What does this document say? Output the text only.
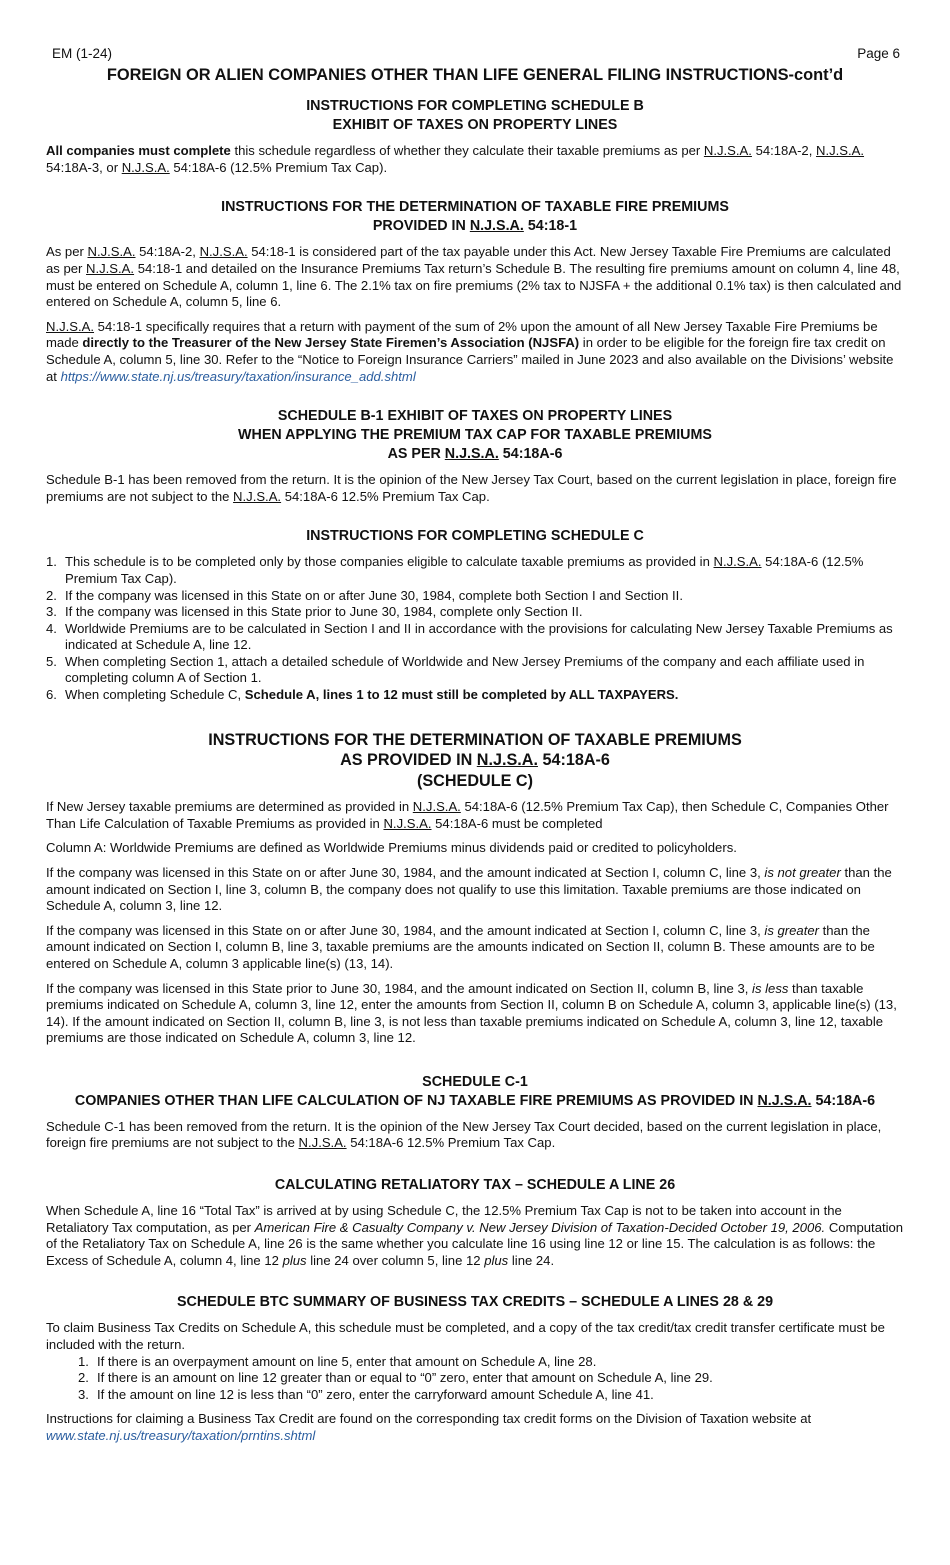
EM (1-24)	Page 6
FOREIGN OR ALIEN COMPANIES OTHER THAN LIFE GENERAL FILING INSTRUCTIONS-cont’d
INSTRUCTIONS FOR COMPLETING SCHEDULE B
EXHIBIT OF TAXES ON PROPERTY LINES

All companies must complete this schedule regardless of whether they calculate their taxable premiums as per N.J.S.A. 54:18A-2, N.J.S.A. 54:18A-3, or N.J.S.A. 54:18A-6 (12.5% Premium Tax Cap).

INSTRUCTIONS FOR THE DETERMINATION OF TAXABLE FIRE PREMIUMS
PROVIDED IN N.J.S.A. 54:18-1

As per N.J.S.A. 54:18A-2, N.J.S.A. 54:18-1 is considered part of the tax payable under this Act. New Jersey Taxable Fire Premiums are calculated as per N.J.S.A. 54:18-1 and detailed on the Insurance Premiums Tax return’s Schedule B. The resulting fire premiums amount on column 4, line 48, must be entered on Schedule A, column 1, line 6. The 2.1% tax on fire premiums (2% tax to NJSFA + the additional 0.1% tax) is then calculated and entered on Schedule A, column 5, line 6.

N.J.S.A. 54:18-1 specifically requires that a return with payment of the sum of 2% upon the amount of all New Jersey Taxable Fire Premiums be made directly to the Treasurer of the New Jersey State Firemen’s Association (NJSFA) in order to be eligible for the foreign fire tax credit on Schedule A, column 5, line 30. Refer to the “Notice to Foreign Insurance Carriers” mailed in June 2023 and also available on the Divisions’ website at https://www.state.nj.us/treasury/taxation/insurance_add.shtml

SCHEDULE B-1 EXHIBIT OF TAXES ON PROPERTY LINES
WHEN APPLYING THE PREMIUM TAX CAP FOR TAXABLE PREMIUMS
AS PER N.J.S.A. 54:18A-6

Schedule B-1 has been removed from the return. It is the opinion of the New Jersey Tax Court, based on the current legislation in place, foreign fire premiums are not subject to the N.J.S.A. 54:18A-6 12.5% Premium Tax Cap.

INSTRUCTIONS FOR COMPLETING SCHEDULE C
1. This schedule is to be completed only by those companies eligible to calculate taxable premiums as provided in N.J.S.A. 54:18A-6 (12.5% Premium Tax Cap).
2. If the company was licensed in this State on or after June 30, 1984, complete both Section I and Section II.
3. If the company was licensed in this State prior to June 30, 1984, complete only Section II.
4. Worldwide Premiums are to be calculated in Section I and II in accordance with the provisions for calculating New Jersey Taxable Premiums as indicated at Schedule A, line 12.
5. When completing Section 1, attach a detailed schedule of Worldwide and New Jersey Premiums of the company and each affiliate used in completing column A of Section 1.
6. When completing Schedule C, Schedule A, lines 1 to 12 must still be completed by ALL TAXPAYERS.
INSTRUCTIONS FOR THE DETERMINATION OF TAXABLE PREMIUMS
AS PROVIDED IN N.J.S.A. 54:18A-6
(SCHEDULE C)

If New Jersey taxable premiums are determined as provided in N.J.S.A. 54:18A-6 (12.5% Premium Tax Cap), then Schedule C, Companies Other Than Life Calculation of Taxable Premiums as provided in N.J.S.A. 54:18A-6 must be completed

Column A: Worldwide Premiums are defined as Worldwide Premiums minus dividends paid or credited to policyholders.

If the company was licensed in this State on or after June 30, 1984, and the amount indicated at Section I, column C, line 3, is not greater than the amount indicated on Section I, line 3, column B, the company does not qualify to use this limitation. Taxable premiums are those indicated on Schedule A, column 3, line 12.

If the company was licensed in this State on or after June 30, 1984, and the amount indicated at Section I, column C, line 3, is greater than the amount indicated on Section I, column B, line 3, taxable premiums are the amounts indicated on Section II, column B. These amounts are to be entered on Schedule A, column 3 applicable line(s) (13, 14).

If the company was licensed in this State prior to June 30, 1984, and the amount indicated on Section II, column B, line 3, is less than taxable premiums indicated on Schedule A, column 3, line 12, enter the amounts from Section II, column B on Schedule A, column 3, applicable line(s) (13, 14). If the amount indicated on Section II, column B, line 3, is not less than taxable premiums indicated on Schedule A, column 3, line 12, taxable premiums are those indicated on Schedule A, column 3, line 12.

SCHEDULE C-1
COMPANIES OTHER THAN LIFE CALCULATION OF NJ TAXABLE FIRE PREMIUMS AS PROVIDED IN N.J.S.A. 54:18A-6

Schedule C-1 has been removed from the return. It is the opinion of the New Jersey Tax Court decided, based on the current legislation in place, foreign fire premiums are not subject to the N.J.S.A. 54:18A-6 12.5% Premium Tax Cap.

CALCULATING RETALIATORY TAX – SCHEDULE A LINE 26

When Schedule A, line 16 “Total Tax” is arrived at by using Schedule C, the 12.5% Premium Tax Cap is not to be taken into account in the Retaliatory Tax computation, as per American Fire & Casualty Company v. New Jersey Division of Taxation-Decided October 19, 2006. Computation of the Retaliatory Tax on Schedule A, line 26 is the same whether you calculate line 16 using line 12 or line 15. The calculation is as follows: the Excess of Schedule A, column 4, line 12 plus line 24 over column 5, line 12 plus line 24.

SCHEDULE BTC SUMMARY OF BUSINESS TAX CREDITS – SCHEDULE A LINES 28 & 29

To claim Business Tax Credits on Schedule A, this schedule must be completed, and a copy of the tax credit/tax credit transfer certificate must be included with the return.

1. If there is an overpayment amount on line 5, enter that amount on Schedule A, line 28.
2. If there is an amount on line 12 greater than or equal to “0” zero, enter that amount on Schedule A, line 29.
3. If the amount on line 12 is less than “0” zero, enter the carryforward amount Schedule A, line 41.

Instructions for claiming a Business Tax Credit are found on the corresponding tax credit forms on the Division of Taxation website at www.state.nj.us/treasury/taxation/prntins.shtml
